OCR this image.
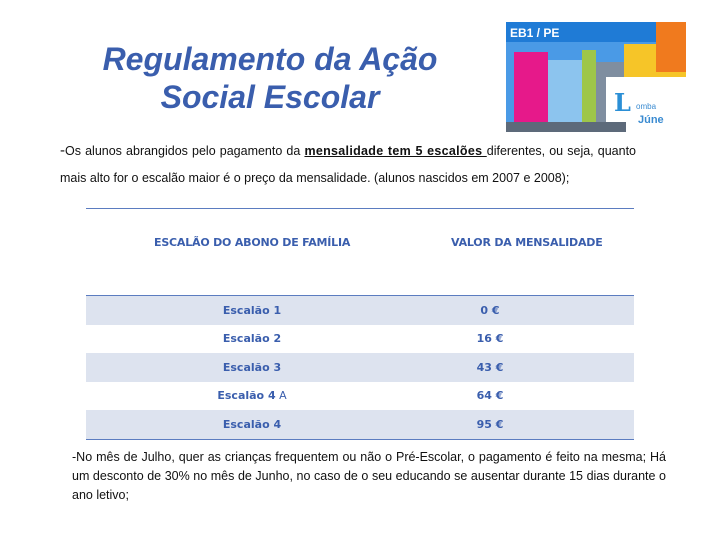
Regulamento da Ação
Social Escolar
EB1 / PE
L omba
Júne
-Os alunos abrangidos pelo pagamento da mensalidade tem 5 escalões diferentes, ou seja, quanto mais alto for o escalão maior é o preço da mensalidade. (alunos nascidos em 2007 e 2008);
ESCALÃO DO ABONO DE FAMÍLIA	VALOR DA MENSALIDADE
Escalão 1	0 €
Escalão 2	16 €
Escalão 3	43 €
Escalão 4 A	64 €
Escalão 4	95 €
-No mês de Julho, quer as crianças frequentem ou não o Pré-Escolar, o pagamento é feito na mesma; Há um desconto de 30% no mês de Junho, no caso de o seu educando se ausentar durante 15 dias durante o ano letivo;
